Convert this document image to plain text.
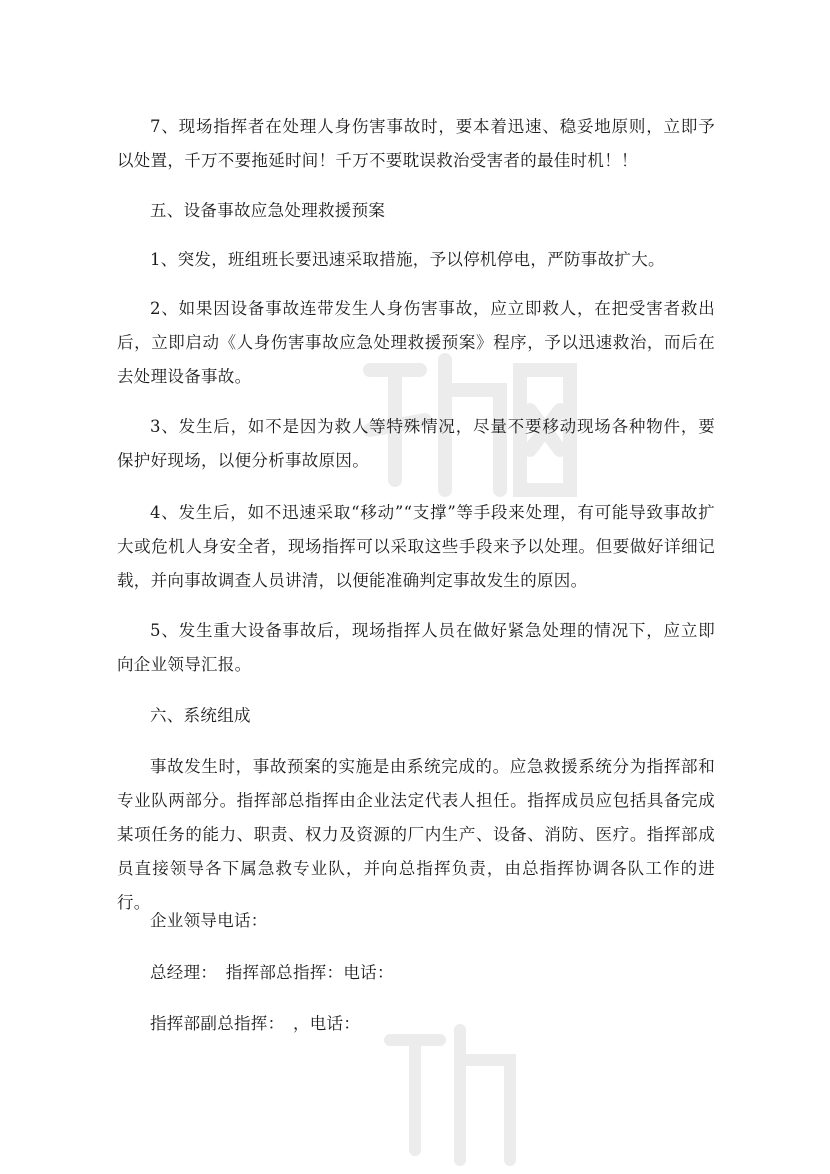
7、现场指挥者在处理人身伤害事故时，要本着迅速、稳妥地原则，立即予以处置，千万不要拖延时间！千万不要耽误救治受害者的最佳时机！！

五、设备事故应急处理救援预案

1、突发，班组班长要迅速采取措施，予以停机停电，严防事故扩大。

2、如果因设备事故连带发生人身伤害事故，应立即救人，在把受害者救出后，立即启动《人身伤害事故应急处理救援预案》程序，予以迅速救治，而后在去处理设备事故。

3、发生后，如不是因为救人等特殊情况，尽量不要移动现场各种物件，要保护好现场，以便分析事故原因。

4、发生后，如不迅速采取“移动”“支撑”等手段来处理，有可能导致事故扩大或危机人身安全者，现场指挥可以采取这些手段来予以处理。但要做好详细记载，并向事故调查人员讲清，以便能准确判定事故发生的原因。

5、发生重大设备事故后，现场指挥人员在做好紧急处理的情况下，应立即向企业领导汇报。

六、系统组成

事故发生时，事故预案的实施是由系统完成的。应急救援系统分为指挥部和专业队两部分。指挥部总指挥由企业法定代表人担任。指挥成员应包括具备完成某项任务的能力、职责、权力及资源的厂内生产、设备、消防、医疗。指挥部成员直接领导各下属急救专业队，并向总指挥负责，由总指挥协调各队工作的进行。

企业领导电话：

总经理：　指挥部总指挥：电话：

指挥部副总指挥：　，电话：
